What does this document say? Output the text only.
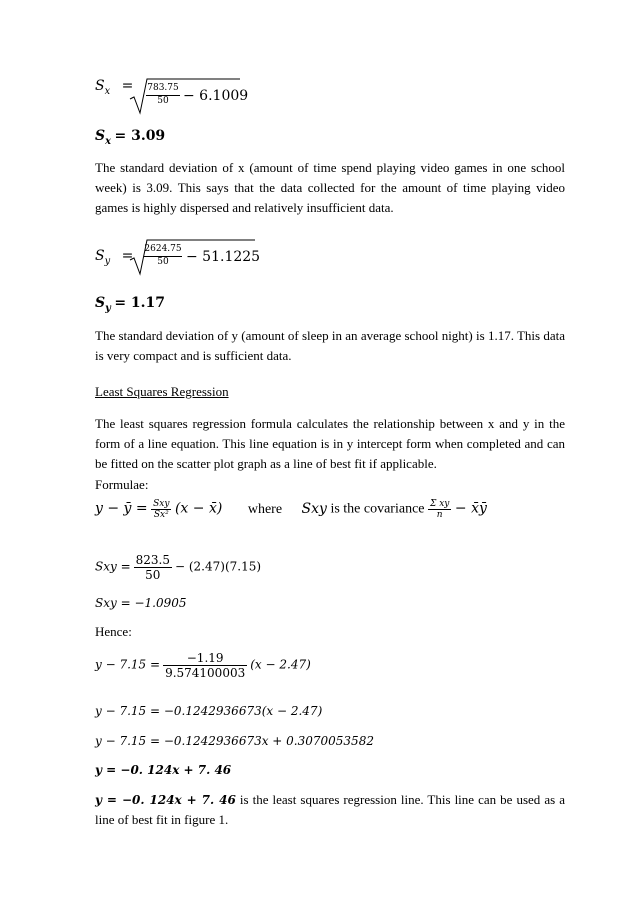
$S_x = \frac{783.75}{50} - 6.1009$
$S_x = 3.09$
The standard deviation of x (amount of time spend playing video games in one school week) is 3.09. This says that the data collected for the amount of time playing video games is highly dispersed and relatively insufficient data.
$S_y = \frac{2624.75}{50} - 51.1225$
$S_y = 1.17$
The standard deviation of y (amount of sleep in an average school night) is 1.17. This data is very compact and is sufficient data.
Least Squares Regression
The least squares regression formula calculates the relationship between x and y in the form of a line equation. This line equation is in y intercept form when completed and can be fitted on the scatter plot graph as a line of best fit if applicable.
Formulae:
y − ȳ = $\frac{\text{Sxy}}{\text{Sx²}} (x$ − x̄) where Sxy is the covariance $\frac{\text{Σ xy}}{n}$ − x̄ȳ
Sxy = $\frac{823.5}{50} - (2.47)(7.15)$
Sxy = −1.0905
Hence:
$y - 7.15 = \frac{-1.19}{9.574100003} (x - 2.47)$
y − 7.15 = −0.1242936673(x − 2.47)
y − 7.15 = −0.1242936673x + 0.3070053582
y = −0. 124x + 7. 46
y = −0. 124x + 7. 46 is the least squares regression line. This line can be used as a line of best fit in figure 1.
